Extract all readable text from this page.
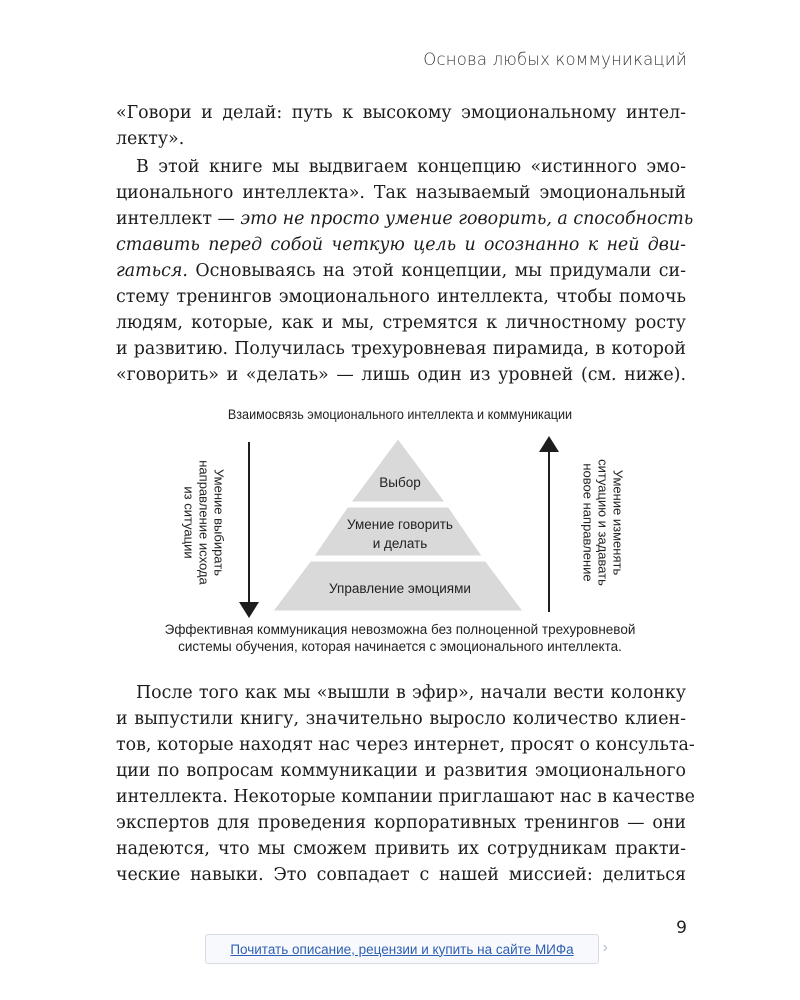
Основа любых коммуникаций
«Говори и делай: путь к высокому эмоциональному интел-
лекту».
В этой книге мы выдвигаем концепцию «истинного эмо-
ционального интеллекта». Так называемый эмоциональный
интеллект — это не просто умение говорить, а способность
ставить перед собой четкую цель и осознанно к ней дви-
гаться. Основываясь на этой концепции, мы придумали си-
стему тренингов эмоционального интеллекта, чтобы помочь
людям, которые, как и мы, стремятся к личностному росту
и развитию. Получилась трехуровневая пирамида, в которой
«говорить» и «делать» — лишь один из уровней (см. ниже).
Взаимосвязь эмоционального интеллекта и коммуникации
Выбор
Умение говорить
и делать
Управление эмоциями
Умение выбирать
направление исхода
из ситуации	Умение изменять
ситуацию и задавать
новое направление
Эффективная коммуникация невозможна без полноценной трехуровневой
системы обучения, которая начинается с эмоционального интеллекта.
После того как мы «вышли в эфир», начали вести колонку
и выпустили книгу, значительно выросло количество клиен-
тов, которые находят нас через интернет, просят о консульта-
ции по вопросам коммуникации и развития эмоционального
интеллекта. Некоторые компании приглашают нас в качестве
экспертов для проведения корпоративных тренингов — они
надеются, что мы сможем привить их сотрудникам практи-
ческие навыки. Это совпадает с нашей миссией: делиться
9
Почитать описание, рецензии и купить на сайте МИФа ›
